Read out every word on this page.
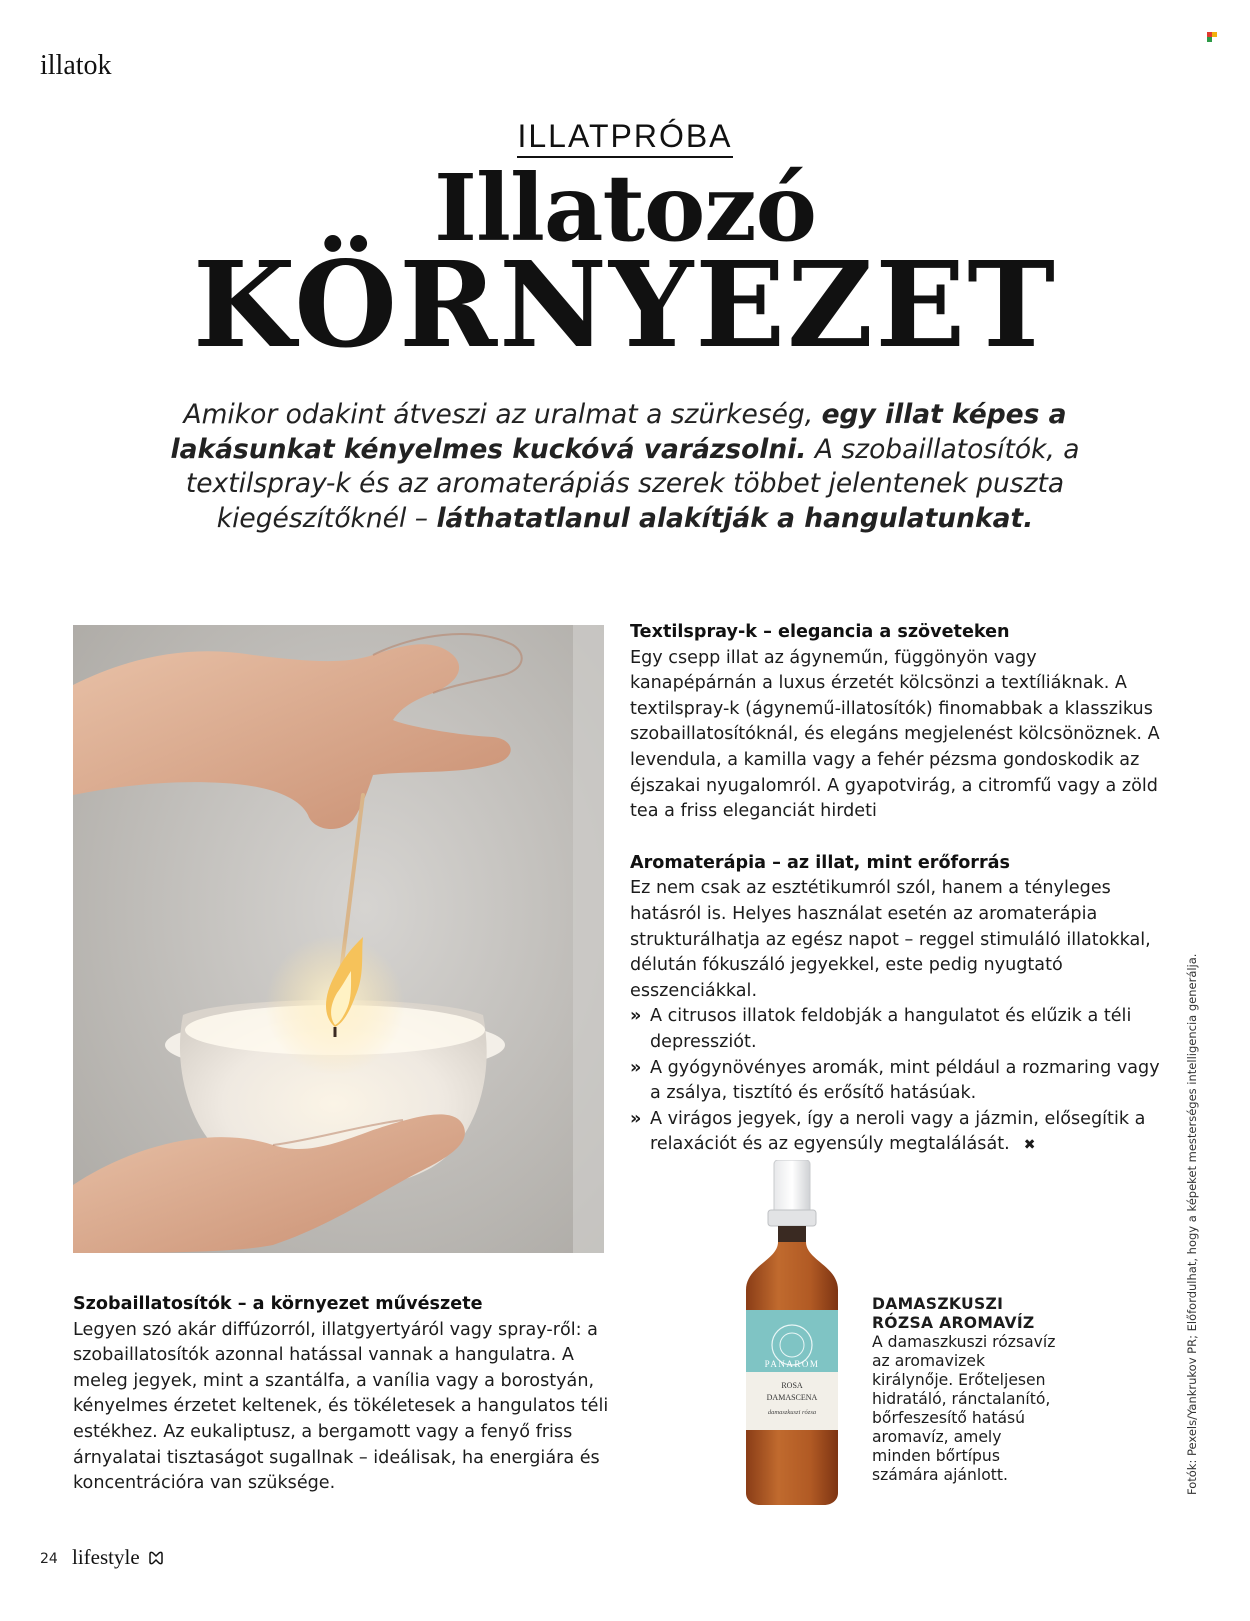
illatok
ILLATPRÓBA
Illatozó
KÖRNYEZET
Amikor odakint átveszi az uralmat a szürkeség, egy illat képes a lakásunkat kényelmes kuckóvá varázsolni. A szobaillatosítók, a textilspray-k és az aromaterápiás szerek többet jelentenek puszta kiegészítőknél – láthatatlanul alakítják a hangulatunkat.
Textilspray-k – elegancia a szöveteken

Egy csepp illat az ágyneműn, függönyön vagy kanapépárnán a luxus érzetét kölcsönzi a textíliáknak. A textilspray-k (ágynemű-illatosítók) finomabbak a klasszikus szobaillatosítóknál, és elegáns megjelenést kölcsönöznek. A levendula, a kamilla vagy a fehér pézsma gondoskodik az éjszakai nyugalomról. A gyapotvirág, a citromfű vagy a zöld tea a friss eleganciát hirdeti

Aromaterápia – az illat, mint erőforrás

Ez nem csak az esztétikumról szól, hanem a tényleges hatásról is. Helyes használat esetén az aromaterápia strukturálhatja az egész napot – reggel stimuláló illatokkal, délután fókuszáló jegyekkel, este pedig nyugtató esszenciákkal.

» A citrusos illatok feldobják a hangulatot és elűzik a téli depressziót.
» A gyógynövényes aromák, mint például a rozmaring vagy a zsálya, tisztító és erősítő hatásúak.
» A virágos jegyek, így a neroli vagy a jázmin, elősegítik a relaxációt és az egyensúly megtalálását. ✖
PANAROM
ROSA
DAMASCENA
damaszkuszi rózsa
DAMASZKUSZI RÓZSA AROMAVÍZ

A damaszkuszi rózsavíz az aromavizek királynője. Erőteljesen hidratáló, ránctalanító, bőrfeszesítő hatású aromavíz, amely minden bőrtípus számára ajánlott.

Szobaillatosítók – a környezet művészete

Legyen szó akár diffúzorról, illatgyertyáról vagy spray-ről: a szobaillatosítók azonnal hatással vannak a hangulatra. A meleg jegyek, mint a szantálfa, a vanília vagy a borostyán, kényelmes érzetet keltenek, és tökéletesek a hangulatos téli estékhez. Az eukaliptusz, a bergamott vagy a fenyő friss árnyalatai tisztaságot sugallnak – ideálisak, ha energiára és koncentrációra van szüksége.	Fotók: Pexels/Yankrukov PR; Előfordulhat, hogy a képeket mesterséges intelligencia generálja.
24 lifestyle
